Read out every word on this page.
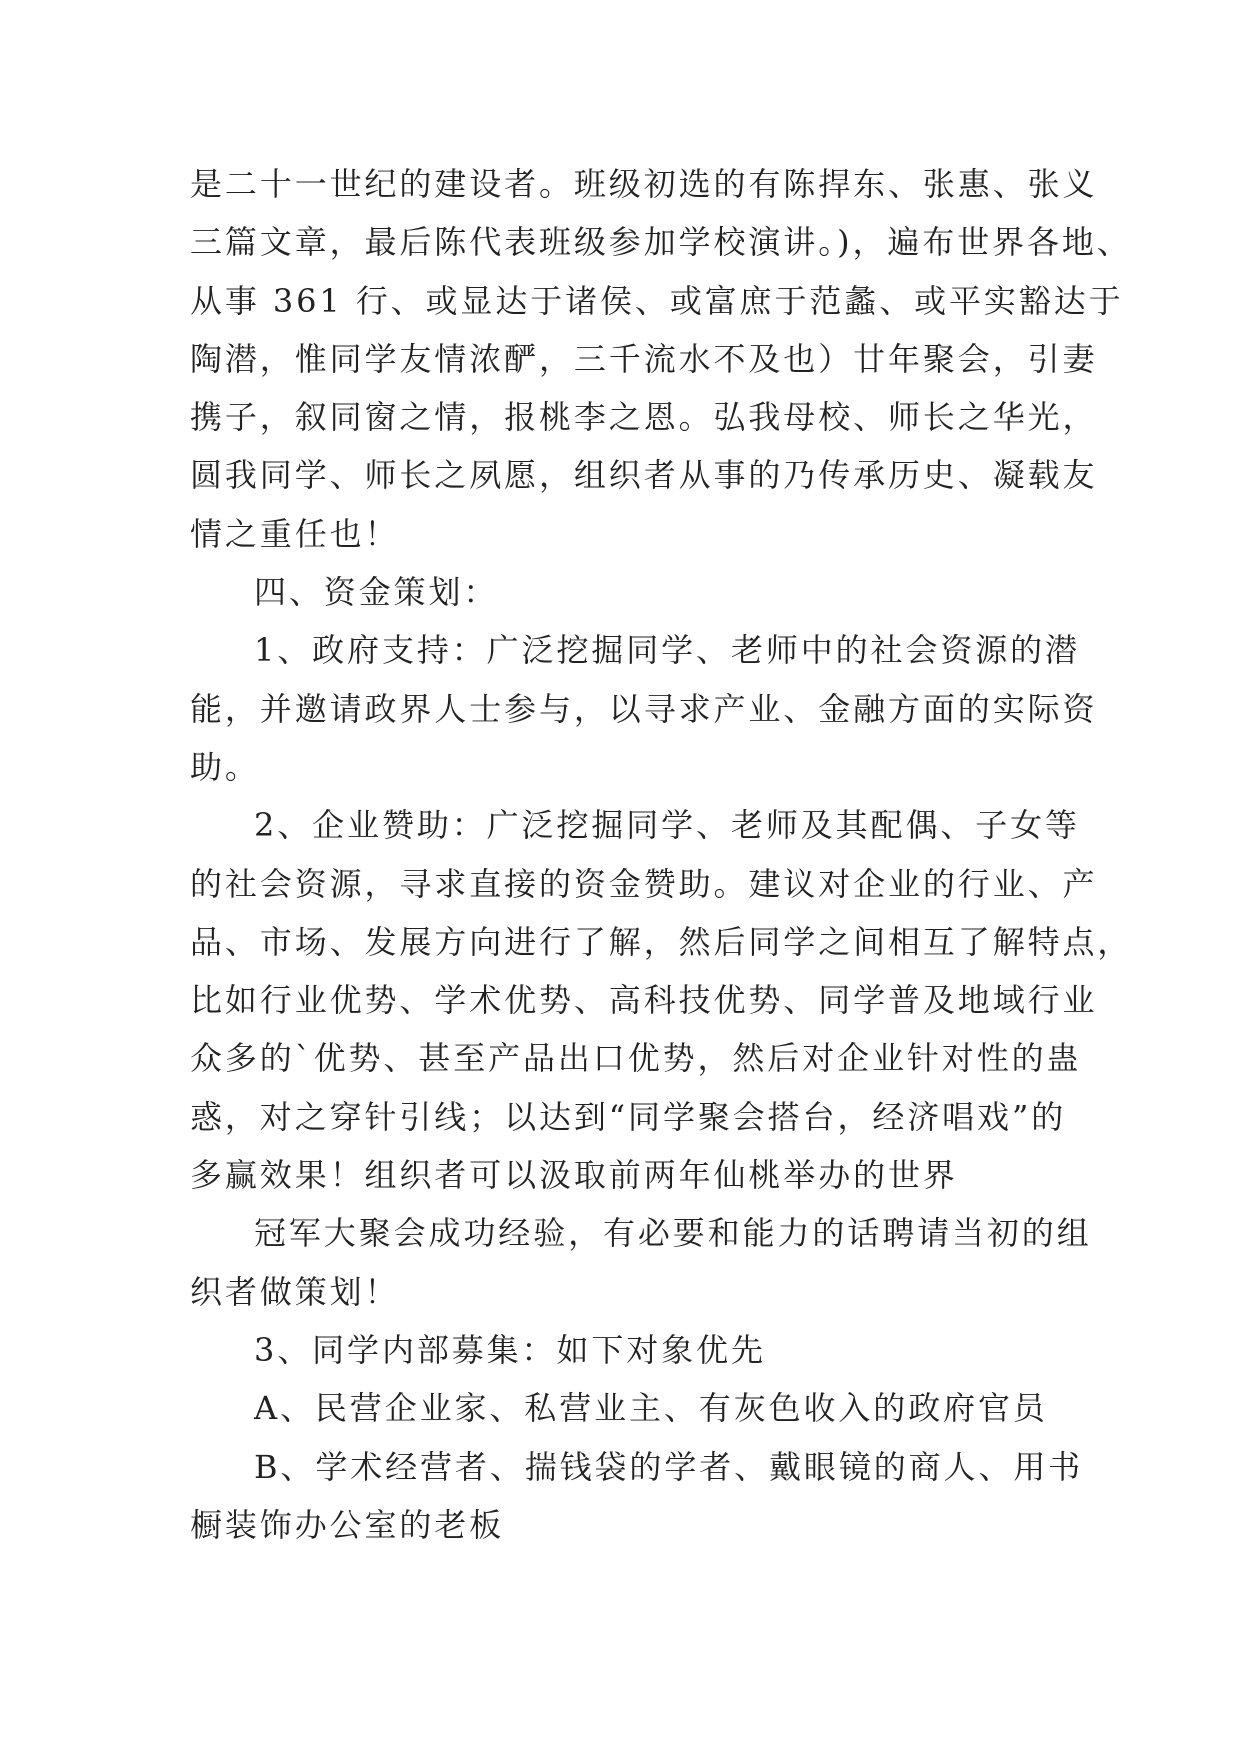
是二十一世纪的建设者。班级初选的有陈捍东、张惠、张义
三篇文章，最后陈代表班级参加学校演讲。)，遍布世界各地、
从事 361 行、或显达于诸侯、或富庶于范蠡、或平实豁达于
陶潜，惟同学友情浓酽，三千流水不及也）廿年聚会，引妻
携子，叙同窗之情，报桃李之恩。弘我母校、师长之华光，
圆我同学、师长之夙愿，组织者从事的乃传承历史、凝载友
情之重任也！

四、资金策划：

1、政府支持：广泛挖掘同学、老师中的社会资源的潜
能，并邀请政界人士参与，以寻求产业、金融方面的实际资
助。

2、企业赞助：广泛挖掘同学、老师及其配偶、子女等
的社会资源，寻求直接的资金赞助。建议对企业的行业、产
品、市场、发展方向进行了解，然后同学之间相互了解特点，
比如行业优势、学术优势、高科技优势、同学普及地域行业
众多的`优势、甚至产品出口优势，然后对企业针对性的蛊
惑，对之穿针引线；以达到“同学聚会搭台，经济唱戏”的
多赢效果！组织者可以汲取前两年仙桃举办的世界

冠军大聚会成功经验，有必要和能力的话聘请当初的组
织者做策划！

3、同学内部募集：如下对象优先

A、民营企业家、私营业主、有灰色收入的政府官员

B、学术经营者、揣钱袋的学者、戴眼镜的商人、用书
橱装饰办公室的老板
